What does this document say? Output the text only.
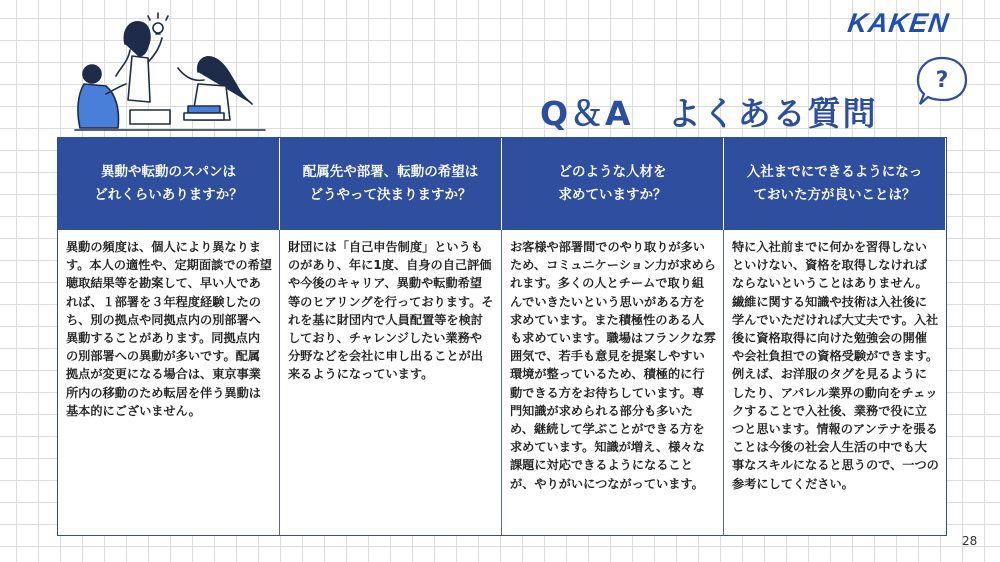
KAKEN
?
Q＆A　よくある質問
異動や転動のスパンは
どれくらいありますか？
配属先や部署、転動の希望は
どうやって決まりますか？
どのような人材を
求めていますか？
入社までにできるようになっ
ておいた方が良いことは？
異動の頻度は、個人により異なります。本人の適性や、定期面談での希望聴取結果等を勘案して、早い人であれば、１部署を３年程度経験したのち、別の拠点や同拠点内の別部署へ異動することがあります。同拠点内の別部署への異動が多いです。配属拠点が変更になる場合は、東京事業所内の移動のため転居を伴う異動は基本的にございません。
財団には「自己申告制度」というものがあり、年に1度、自身の自己評価や今後のキャリア、異動や転動希望等のヒアリングを行っております。それを基に財団内で人員配置等を検討しており、チャレンジしたい業務や分野などを会社に申し出ることが出来るようになっています。
お客様や部署間でのやり取りが多いため、コミュニケーション力が求められます。多くの人とチームで取り組んでいきたいという思いがある方を求めています。また積極性のある人も求めています。職場はフランクな雰囲気で、若手も意見を提案しやすい環境が整っているため、積極的に行動できる方をお待ちしています。専門知識が求められる部分も多いため、継続して学ぶことができる方を求めています。知識が増え、様々な課題に対応できるようになることが、やりがいにつながっています。
特に入社前までに何かを習得しないといけない、資格を取得しなければならないということはありません。繊維に関する知識や技術は入社後に学んでいただければ大丈夫です。入社後に資格取得に向けた勉強会の開催や会社負担での資格受験ができます。例えば、お洋服のタグを見るようにしたり、アパレル業界の動向をチェックすることで入社後、業務で役に立つと思います。情報のアンテナを張ることは今後の社会人生活の中でも大事なスキルになると思うので、一つの参考にしてください。
28
